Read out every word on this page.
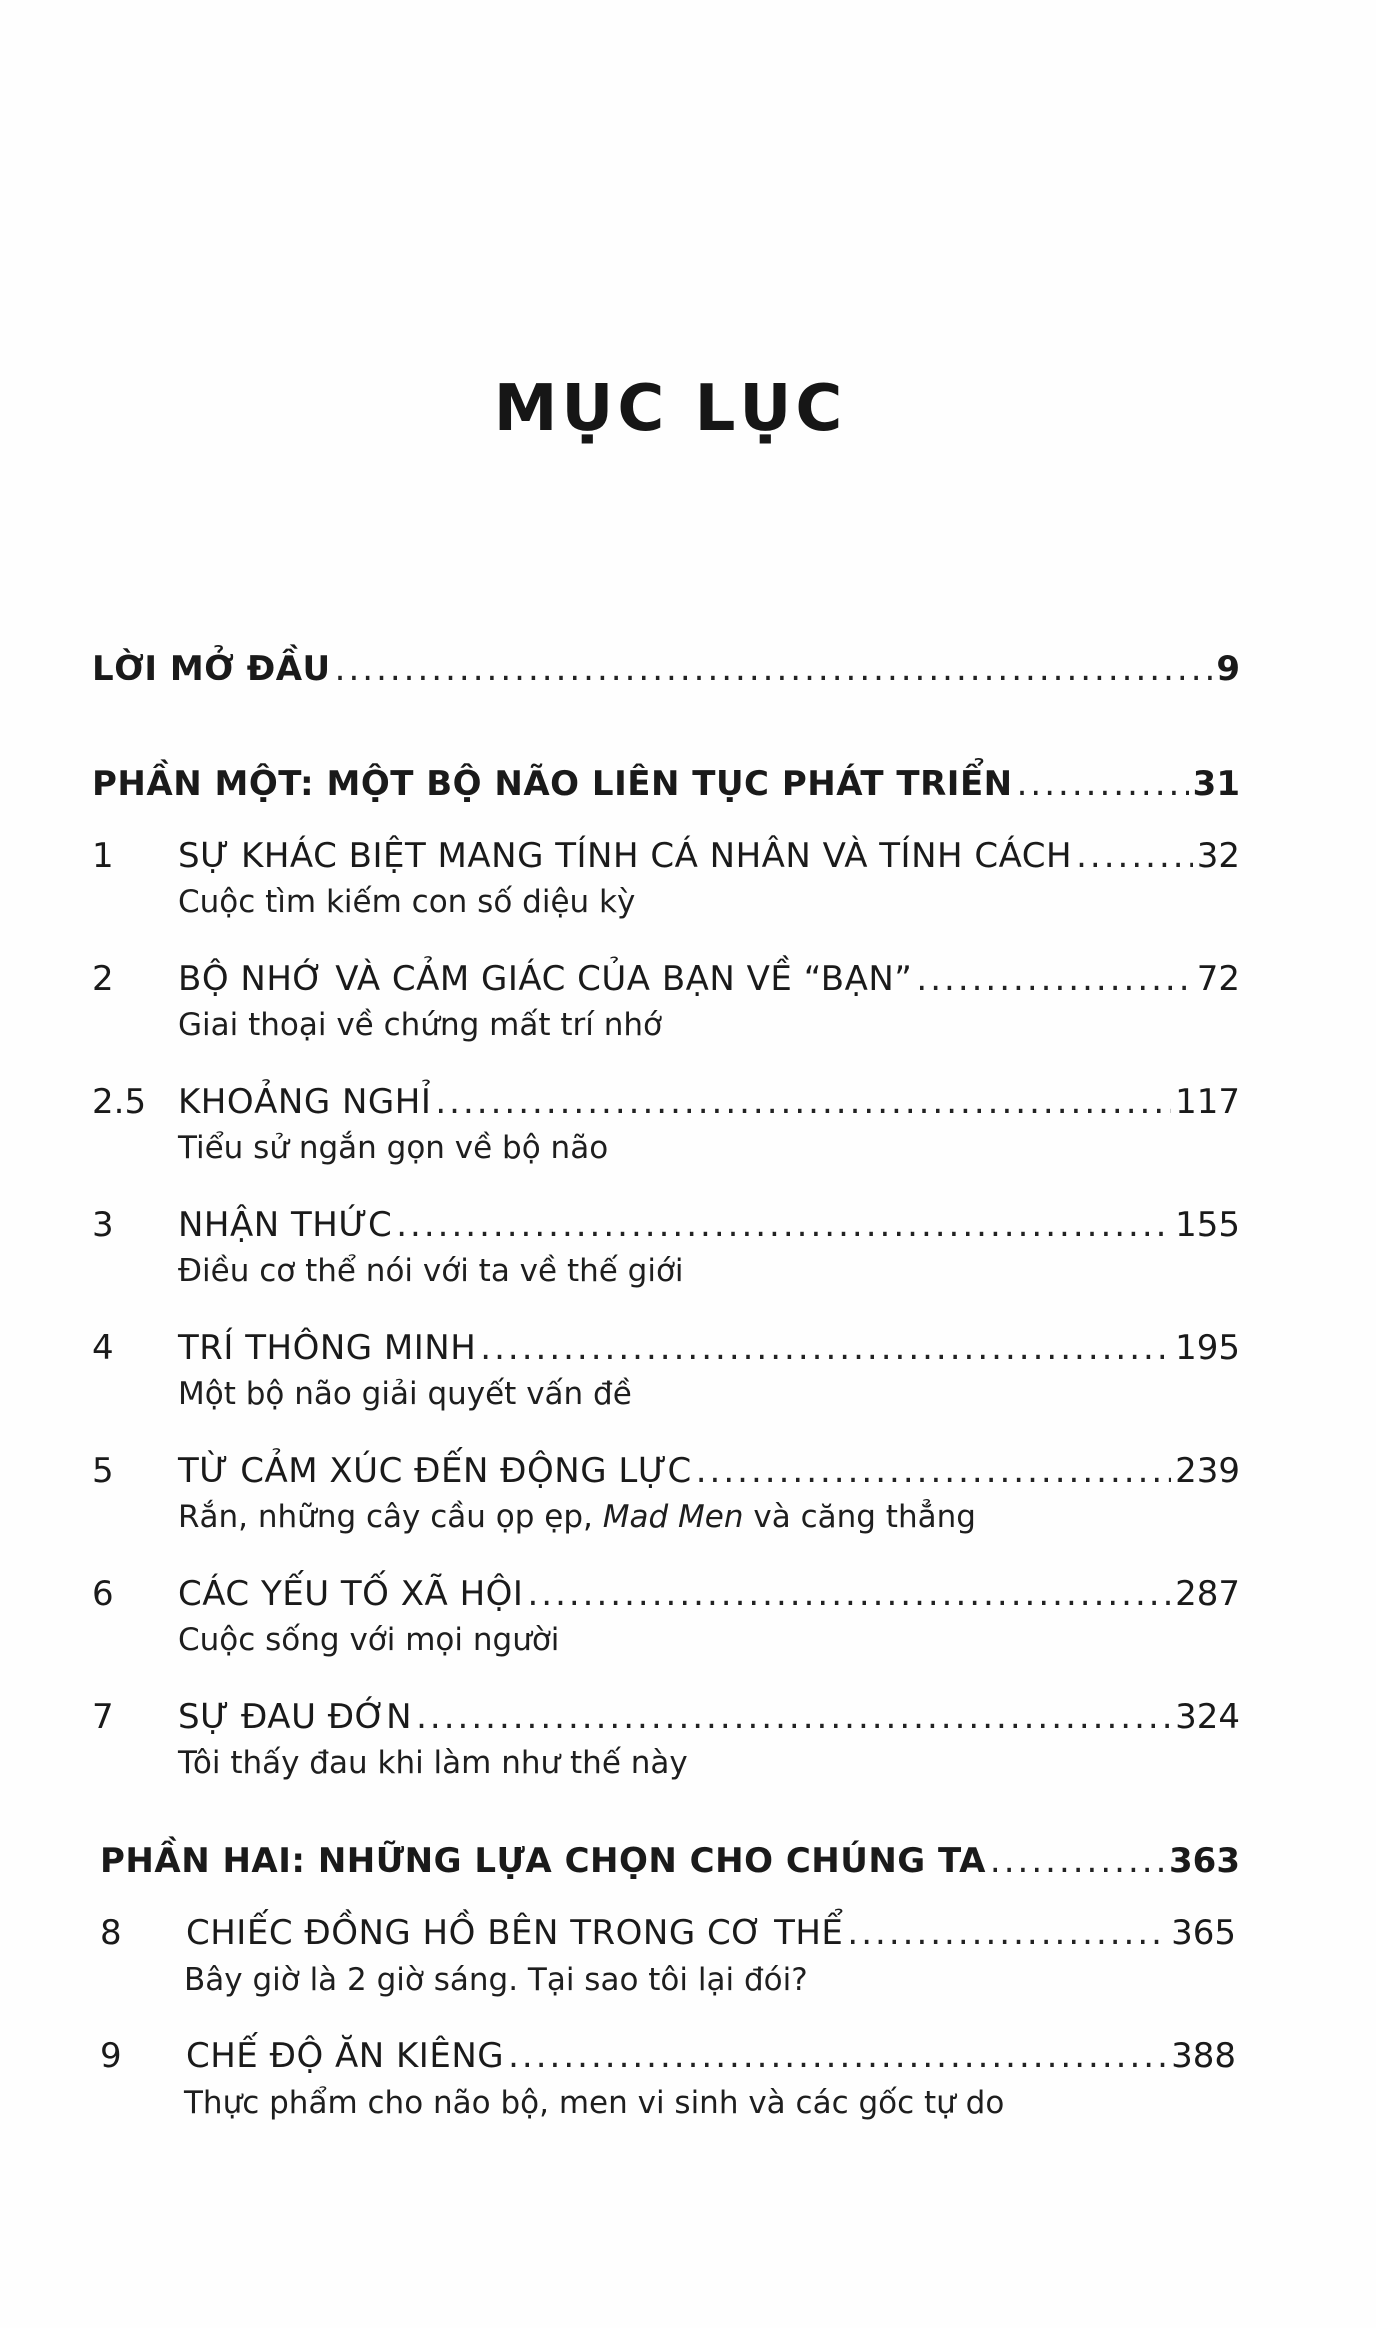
MỤC LỤC
LỜI MỞ ĐẦU .....	9
PHẦN MỘT: MỘT BỘ NÃO LIÊN TỤC PHÁT TRIỂN .....	31
1	SỰ KHÁC BIỆT MANG TÍNH CÁ NHÂN VÀ TÍNH CÁCH .....	32
Cuộc tìm kiếm con số diệu kỳ
2	BỘ NHỚ VÀ CẢM GIÁC CỦA BẠN VỀ “BẠN” .....	72
Giai thoại về chứng mất trí nhớ
2.5 KHOẢNG NGHỈ .....	117
Tiểu sử ngắn gọn về bộ não
3	NHẬN THỨC .....	155
Điều cơ thể nói với ta về thế giới
4	TRÍ THÔNG MINH .....	195
Một bộ não giải quyết vấn đề
5	TỪ CẢM XÚC ĐẾN ĐỘNG LỰC .....	239
Rắn, những cây cầu ọp ẹp, Mad Men và căng thẳng
6	CÁC YẾU TỐ XÃ HỘI .....	287
Cuộc sống với mọi người
7	SỰ ĐAU ĐỚN .....	324
Tôi thấy đau khi làm như thế này
PHẦN HAI: NHỮNG LỰA CHỌN CHO CHÚNG TA .....	363
8	CHIẾC ĐỒNG HỒ BÊN TRONG CƠ THỂ .....	365
Bây giờ là 2 giờ sáng. Tại sao tôi lại đói?
9	CHẾ ĐỘ ĂN KIÊNG .....	388
Thực phẩm cho não bộ, men vi sinh và các gốc tự do
